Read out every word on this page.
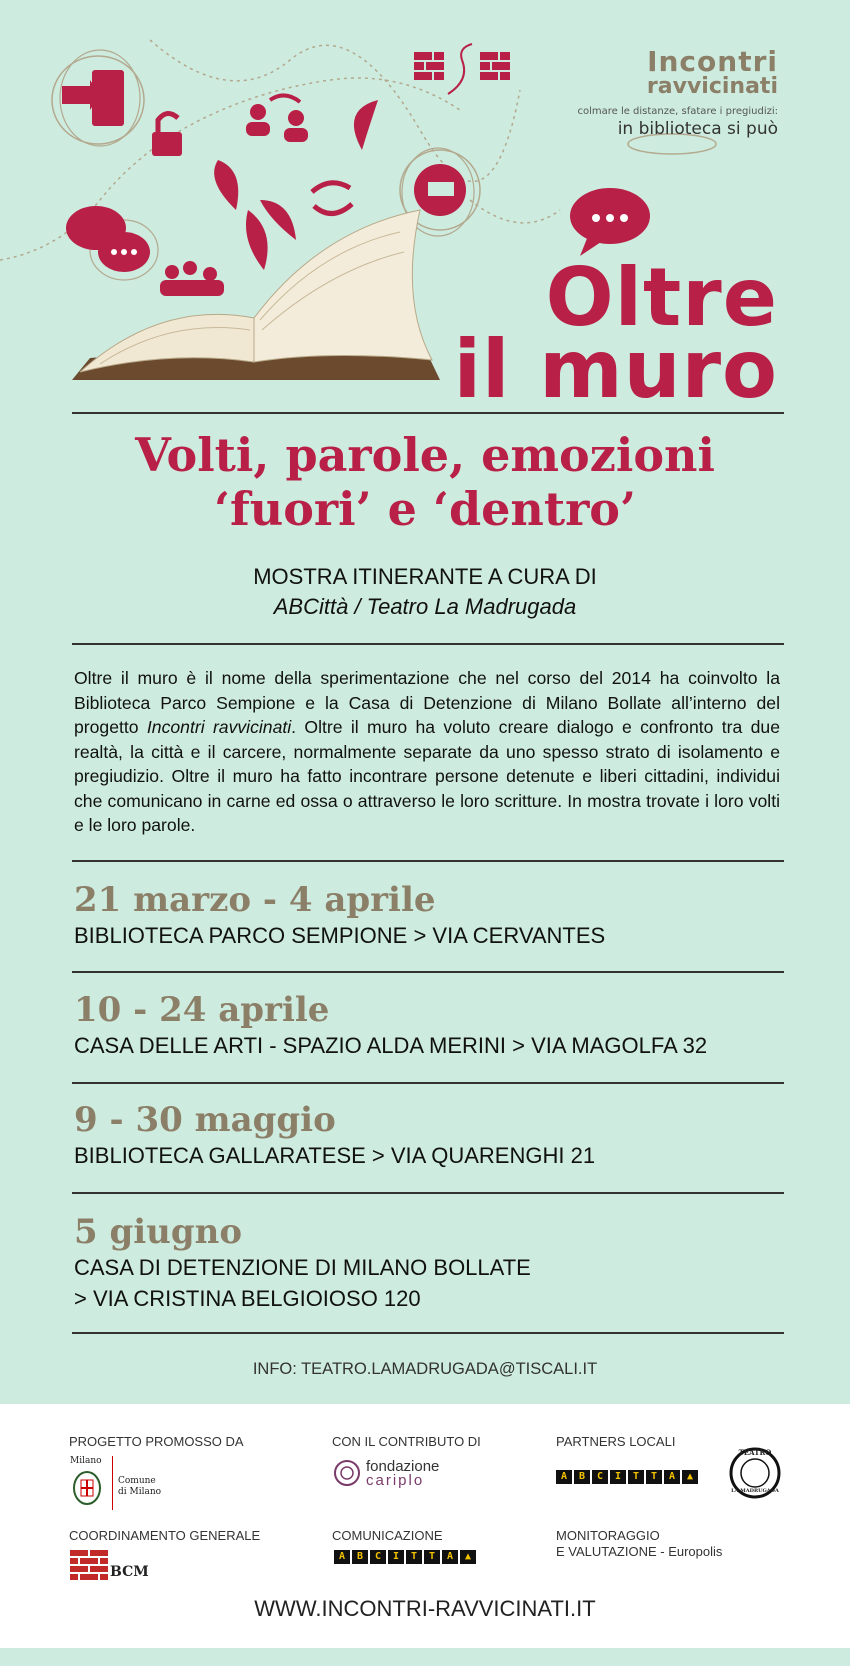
Incontri
ravvicinati
colmare le distanze, sfatare i pregiudizi:
in biblioteca si può
Oltre
il muro
Volti, parole, emozioni
‘fuori’ e ‘dentro’
MOSTRA ITINERANTE A CURA DI
ABCittà / Teatro La Madrugada
Oltre il muro è il nome della sperimentazione che nel corso del 2014 ha coinvolto la Biblioteca Parco Sempione e la Casa di Detenzione di Milano Bollate all’interno del progetto Incontri ravvicinati. Oltre il muro ha voluto creare dialogo e confronto tra due realtà, la città e il carcere, normalmente separate da uno spesso strato di isolamento e pregiudizio. Oltre il muro ha fatto incontrare persone detenute e liberi cittadini, individui che comunicano in carne ed ossa o attraverso le loro scritture. In mostra trovate i loro volti e le loro parole.
21 marzo - 4 aprile
BIBLIOTECA PARCO SEMPIONE > VIA CERVANTES
10 - 24 aprile
CASA DELLE ARTI - SPAZIO ALDA MERINI > VIA MAGOLFA 32
9 - 30 maggio
BIBLIOTECA GALLARATESE > VIA QUARENGHI 21
5 giugno
CASA DI DETENZIONE DI MILANO BOLLATE
> VIA CRISTINA BELGIOIOSO 120
INFO: TEATRO.LAMADRUGADA@TISCALI.IT
PROGETTO PROMOSSO DA	CON IL CONTRIBUTO DI	PARTNERS LOCALI
Milano
Comune
di Milano
fondazione
cariplo	A	B	C	I	T	T	A	▲
TEATRO
LA MADRUGADA
COORDINAMENTO GENERALE	COMUNICAZIONE	MONITORAGGIO
E VALUTAZIONE - Europolis
BCM
A	B	C	I	T	T	A	▲
WWW.INCONTRI-RAVVICINATI.IT
